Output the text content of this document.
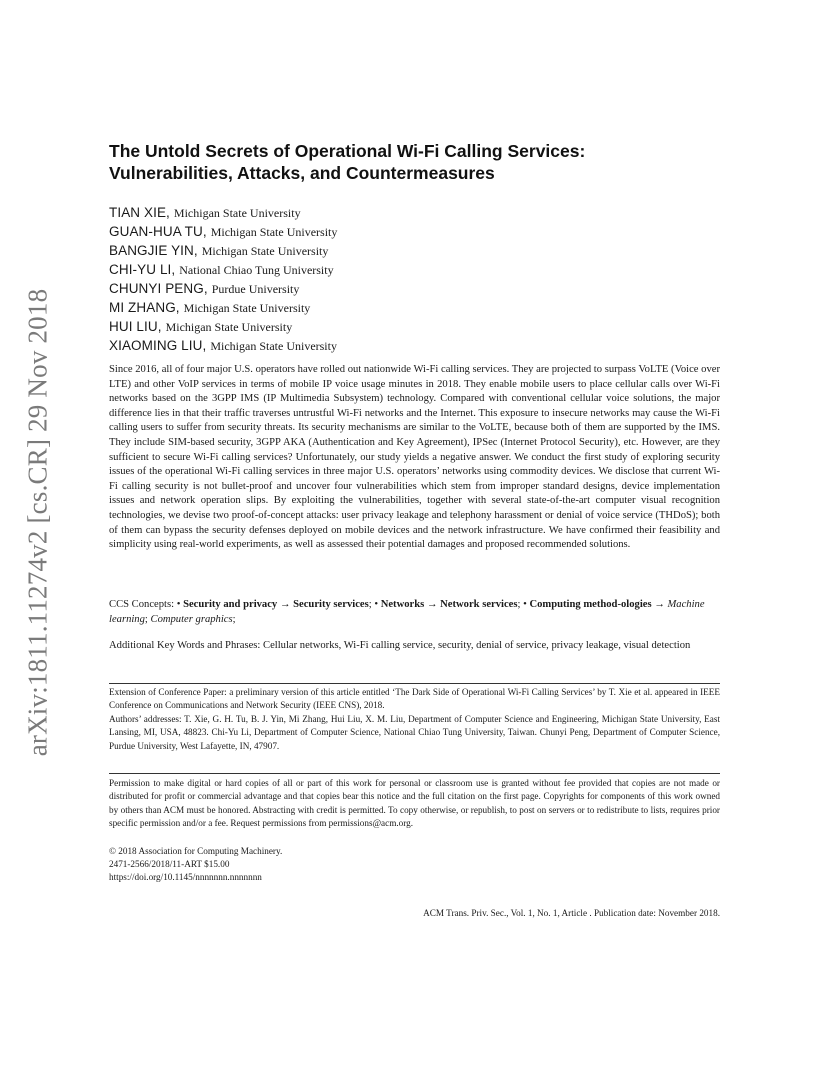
arXiv:1811.11274v2 [cs.CR] 29 Nov 2018
The Untold Secrets of Operational Wi-Fi Calling Services:
Vulnerabilities, Attacks, and Countermeasures
TIAN XIE, Michigan State University
GUAN-HUA TU, Michigan State University
BANGJIE YIN, Michigan State University
CHI-YU LI, National Chiao Tung University
CHUNYI PENG, Purdue University
MI ZHANG, Michigan State University
HUI LIU, Michigan State University
XIAOMING LIU, Michigan State University

Since 2016, all of four major U.S. operators have rolled out nationwide Wi-Fi calling services. They are projected to surpass VoLTE (Voice over LTE) and other VoIP services in terms of mobile IP voice usage minutes in 2018. They enable mobile users to place cellular calls over Wi-Fi networks based on the 3GPP IMS (IP Multimedia Subsystem) technology. Compared with conventional cellular voice solutions, the major difference lies in that their traffic traverses untrustful Wi-Fi networks and the Internet. This exposure to insecure networks may cause the Wi-Fi calling users to suffer from security threats. Its security mechanisms are similar to the VoLTE, because both of them are supported by the IMS. They include SIM-based security, 3GPP AKA (Authentication and Key Agreement), IPSec (Internet Protocol Security), etc. However, are they sufficient to secure Wi-Fi calling services? Unfortunately, our study yields a negative answer. We conduct the first study of exploring security issues of the operational Wi-Fi calling services in three major U.S. operators’ networks using commodity devices. We disclose that current Wi-Fi calling security is not bullet-proof and uncover four vulnerabilities which stem from improper standard designs, device implementation issues and network operation slips. By exploiting the vulnerabilities, together with several state-of-the-art computer visual recognition technologies, we devise two proof-of-concept attacks: user privacy leakage and telephony harassment or denial of voice service (THDoS); both of them can bypass the security defenses deployed on mobile devices and the network infrastructure. We have confirmed their feasibility and simplicity using real-world experiments, as well as assessed their potential damages and proposed recommended solutions.

CCS Concepts: • Security and privacy → Security services; • Networks → Network services; • Computing method-ologies → Machine learning; Computer graphics;

Additional Key Words and Phrases: Cellular networks, Wi-Fi calling service, security, denial of service, privacy leakage, visual detection

Extension of Conference Paper: a preliminary version of this article entitled ‘The Dark Side of Operational Wi-Fi Calling Services’ by T. Xie et al. appeared in IEEE Conference on Communications and Network Security (IEEE CNS), 2018.

Authors’ addresses: T. Xie, G. H. Tu, B. J. Yin, Mi Zhang, Hui Liu, X. M. Liu, Department of Computer Science and Engineering, Michigan State University, East Lansing, MI, USA, 48823. Chi-Yu Li, Department of Computer Science, National Chiao Tung University, Taiwan. Chunyi Peng, Department of Computer Science, Purdue University, West Lafayette, IN, 47907.

Permission to make digital or hard copies of all or part of this work for personal or classroom use is granted without fee provided that copies are not made or distributed for profit or commercial advantage and that copies bear this notice and the full citation on the first page. Copyrights for components of this work owned by others than ACM must be honored. Abstracting with credit is permitted. To copy otherwise, or republish, to post on servers or to redistribute to lists, requires prior specific permission and/or a fee. Request permissions from permissions@acm.org.

© 2018 Association for Computing Machinery.
2471-2566/2018/11-ART $15.00
https://doi.org/10.1145/nnnnnnn.nnnnnnn
ACM Trans. Priv. Sec., Vol. 1, No. 1, Article . Publication date: November 2018.
